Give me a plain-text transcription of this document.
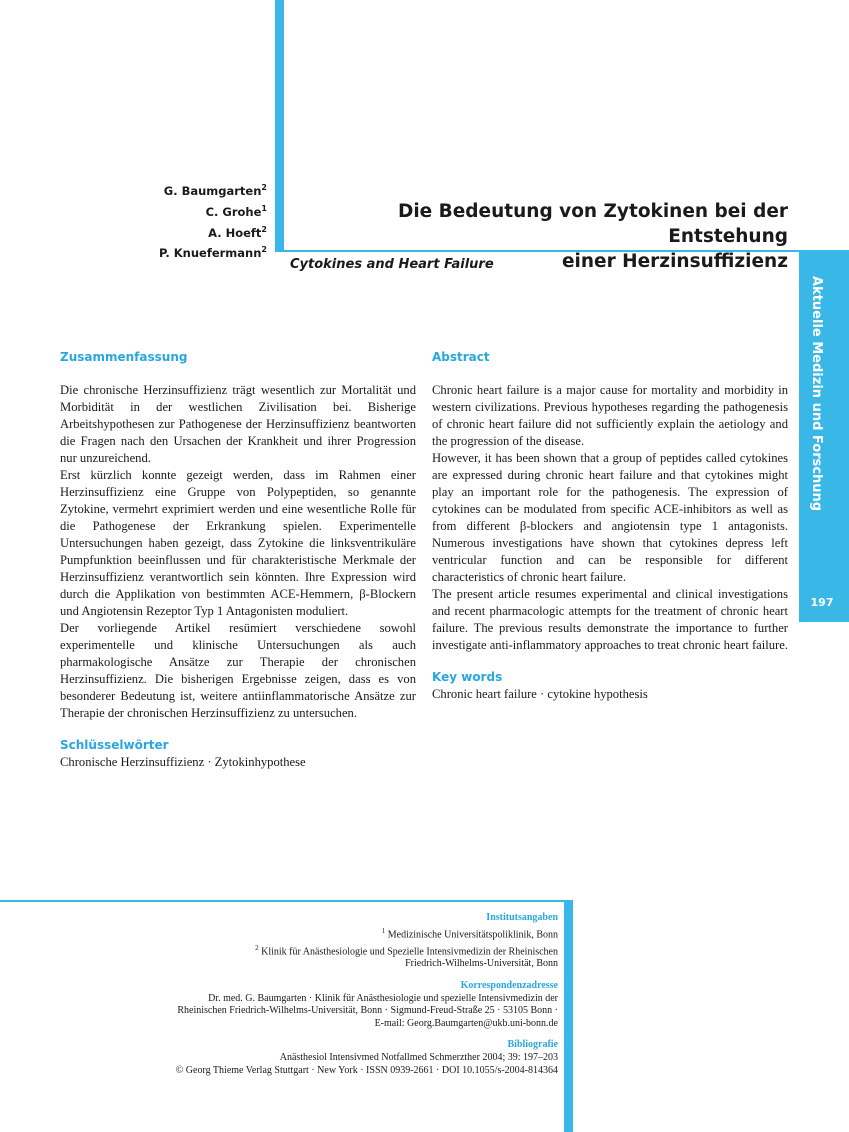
G. Baumgarten$^2$
C. Grohe$^1$
A. Hoeft$^2$
P. Knuefermann$^2$
Die Bedeutung von Zytokinen bei der Entstehung
einer Herzinsuffizienz
Cytokines and Heart Failure
Aktuelle Medizin und Forschung
197
Zusammenfassung

Die chronische Herzinsuffizienz trägt wesentlich zur Mortalität und Morbidität in der westlichen Zivilisation bei. Bisherige Arbeitshypothesen zur Pathogenese der Herzinsuffizienz beantworten die Fragen nach den Ursachen der Krankheit und ihrer Progression nur unzureichend.

Erst kürzlich konnte gezeigt werden, dass im Rahmen einer Herzinsuffizienz eine Gruppe von Polypeptiden, so genannte Zytokine, vermehrt exprimiert werden und eine wesentliche Rolle für die Pathogenese der Erkrankung spielen. Experimentelle Untersuchungen haben gezeigt, dass Zytokine die linksventrikuläre Pumpfunktion beeinflussen und für charakteristische Merkmale der Herzinsuffizienz verantwortlich sein könnten. Ihre Expression wird durch die Applikation von bestimmten ACE-Hemmern, β-Blockern und Angiotensin Rezeptor Typ 1 Antagonisten moduliert.

Der vorliegende Artikel resümiert verschiedene sowohl experimentelle und klinische Untersuchungen als auch pharmakologische Ansätze zur Therapie der chronischen Herzinsuffizienz. Die bisherigen Ergebnisse zeigen, dass es von besonderer Bedeutung ist, weitere antiinflammatorische Ansätze zur Therapie der chronischen Herzinsuffizienz zu untersuchen.

Schlüsselwörter

Chronische Herzinsuffizienz · Zytokinhypothese

Abstract

Chronic heart failure is a major cause for mortality and morbidity in western civilizations. Previous hypotheses regarding the pathogenesis of chronic heart failure did not sufficiently explain the aetiology and the progression of the disease.

However, it has been shown that a group of peptides called cytokines are expressed during chronic heart failure and that cytokines might play an important role for the pathogenesis. The expression of cytokines can be modulated from specific ACE-inhibitors as well as from different β-blockers and angiotensin type 1 antagonists. Numerous investigations have shown that cytokines depress left ventricular function and can be responsible for different characteristics of chronic heart failure.

The present article resumes experimental and clinical investigations and recent pharmacologic attempts for the treatment of chronic heart failure. The previous results demonstrate the importance to further investigate anti-inflammatory approaches to treat chronic heart failure.

Key words

Chronic heart failure · cytokine hypothesis

Institutsangaben
$^1$ Medizinische Universitätspoliklinik, Bonn
$^2$ Klinik für Anästhesiologie und Spezielle Intensivmedizin der Rheinischen
Friedrich-Wilhelms-Universität, Bonn
Korrespondenzadresse
Dr. med. G. Baumgarten · Klinik für Anästhesiologie und spezielle Intensivmedizin der
Rheinischen Friedrich-Wilhelms-Universität, Bonn · Sigmund-Freud-Straße 25 · 53105 Bonn ·
E-mail: Georg.Baumgarten@ukb.uni-bonn.de
Bibliografie
Anästhesiol Intensivmed Notfallmed Schmerzther 2004; 39: 197–203
© Georg Thieme Verlag Stuttgart · New York · ISSN 0939-2661 · DOI 10.1055/s-2004-814364
